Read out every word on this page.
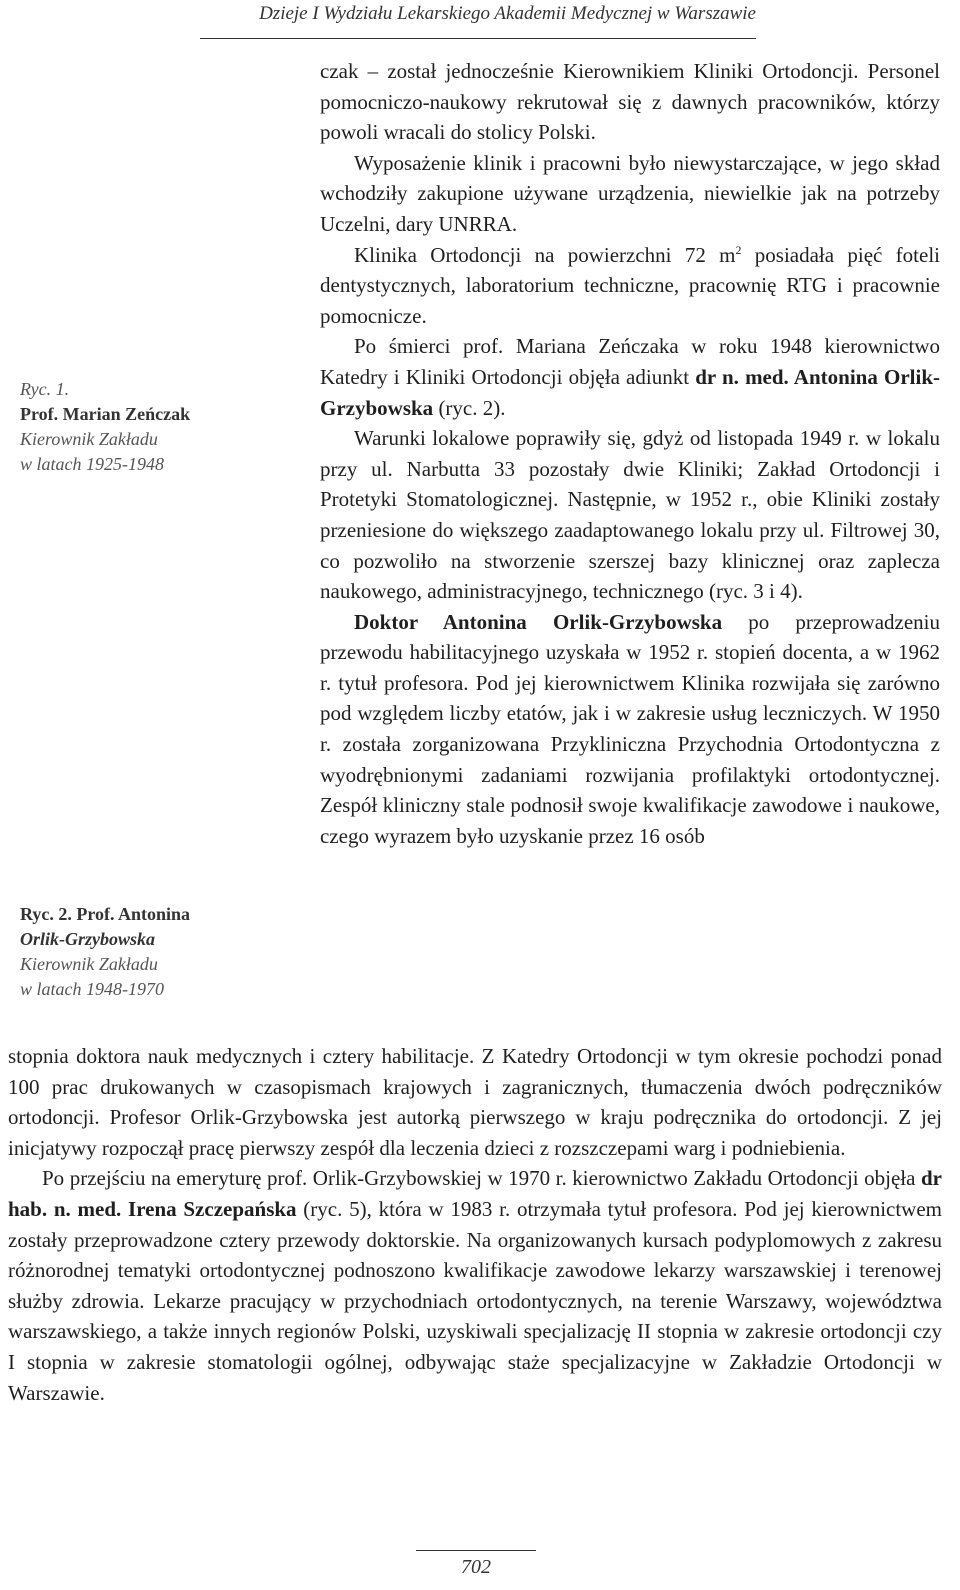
Dzieje I Wydziału Lekarskiego Akademii Medycznej w Warszawie
Ryc. 1.
Prof. Marian Zeńczak
Kierownik Zakładu
w latach 1925-1948
Ryc. 2. Prof. Antonina
Orlik-Grzybowska
Kierownik Zakładu
w latach 1948-1970

czak – został jednocześnie Kierownikiem Kliniki Ortodoncji. Personel pomocniczo-naukowy rekrutował się z dawnych pracowników, którzy powoli wracali do stolicy Polski.

Wyposażenie klinik i pracowni było niewystarczające, w jego skład wchodziły zakupione używane urządzenia, niewielkie jak na potrzeby Uczelni, dary UNRRA.

Klinika Ortodoncji na powierzchni 72 $m^2$ posiadała pięć foteli dentystycznych, laboratorium techniczne, pracownię RTG i pracownie pomocnicze.

Po śmierci prof. Mariana Zeńczaka w roku 1948 kierownictwo Katedry i Kliniki Ortodoncji objęła adiunkt dr n. med. Antonina Orlik-Grzybowska (ryc. 2).

Warunki lokalowe poprawiły się, gdyż od listopada 1949 r. w lokalu przy ul. Narbutta 33 pozostały dwie Kliniki; Zakład Ortodoncji i Protetyki Stomatologicznej. Następnie, w 1952 r., obie Kliniki zostały przeniesione do większego zaadaptowanego lokalu przy ul. Filtrowej 30, co pozwoliło na stworzenie szerszej bazy klinicznej oraz zaplecza naukowego, administracyjnego, technicznego (ryc. 3 i 4).

Doktor Antonina Orlik-Grzybowska po przeprowadzeniu przewodu habilitacyjnego uzyskała w 1952 r. stopień docenta, a w 1962 r. tytuł profesora. Pod jej kierownictwem Klinika rozwijała się zarówno pod względem liczby etatów, jak i w zakresie usług leczniczych. W 1950 r. została zorganizowana Przykliniczna Przychodnia Ortodontyczna z wyodrębnionymi zadaniami rozwijania profilaktyki ortodontycznej. Zespół kliniczny stale podnosił swoje kwalifikacje zawodowe i naukowe, czego wyrazem było uzyskanie przez 16 osób

stopnia doktora nauk medycznych i cztery habilitacje. Z Katedry Ortodoncji w tym okresie pochodzi ponad 100 prac drukowanych w czasopismach krajowych i zagranicznych, tłumaczenia dwóch podręczników ortodoncji. Profesor Orlik-Grzybowska jest autorką pierwszego w kraju podręcznika do ortodoncji. Z jej inicjatywy rozpoczął pracę pierwszy zespół dla leczenia dzieci z rozszczepami warg i podniebienia.

Po przejściu na emeryturę prof. Orlik-Grzybowskiej w 1970 r. kierownictwo Zakładu Ortodoncji objęła dr hab. n. med. Irena Szczepańska (ryc. 5), która w 1983 r. otrzymała tytuł profesora. Pod jej kierownictwem zostały przeprowadzone cztery przewody doktorskie. Na organizowanych kursach podyplomowych z zakresu różnorodnej tematyki ortodontycznej podnoszono kwalifikacje zawodowe lekarzy warszawskiej i terenowej służby zdrowia. Lekarze pracujący w przychodniach ortodontycznych, na terenie Warszawy, województwa warszawskiego, a także innych regionów Polski, uzyskiwali specjalizację II stopnia w zakresie ortodoncji czy I stopnia w zakresie stomatologii ogólnej, odbywając staże specjalizacyjne w Zakładzie Ortodoncji w Warszawie.

702
